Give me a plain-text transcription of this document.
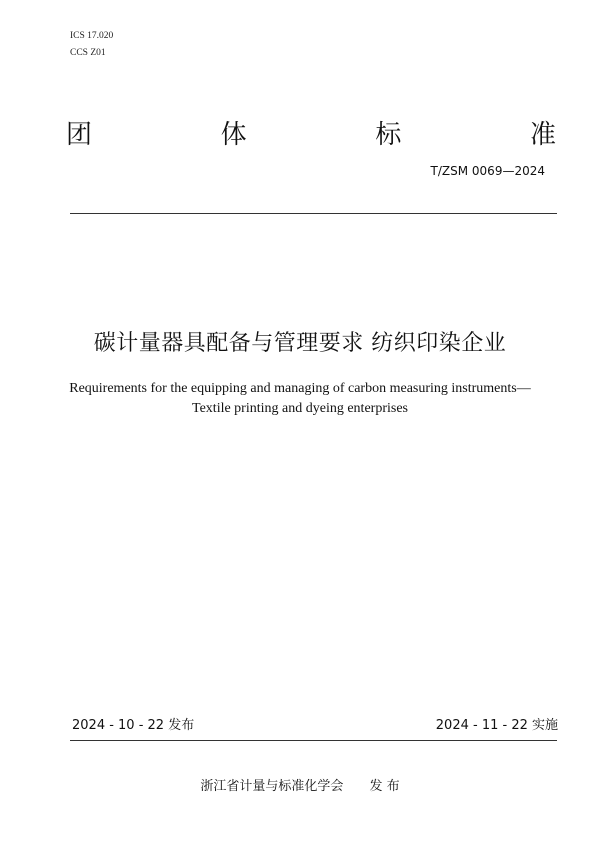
ICS 17.020
CCS Z01
团	体	标	准
T/ZSM 0069—2024
碳计量器具配备与管理要求 纺织印染企业
Requirements for the equipping and managing of carbon measuring instruments—
Textile printing and dyeing enterprises
2024 - 10 - 22 发布	2024 - 11 - 22 实施
浙江省计量与标准化学会 发 布
